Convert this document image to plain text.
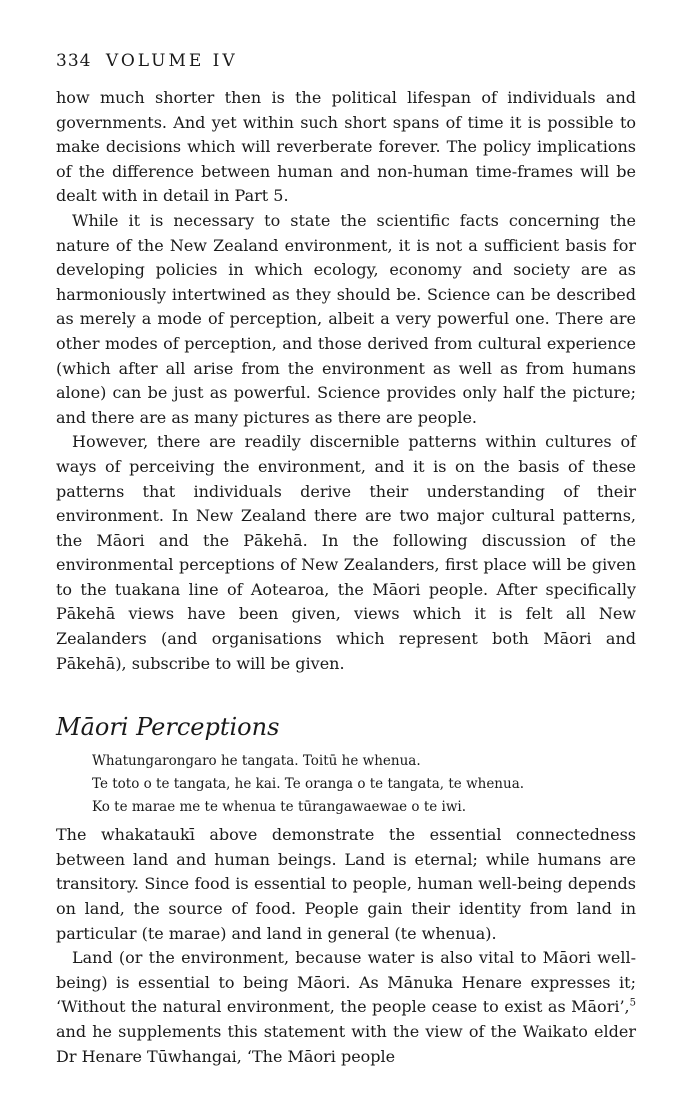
334 VOLUME IV

how much shorter then is the political lifespan of individuals and governments. And yet within such short spans of time it is possible to make decisions which will reverberate forever. The policy implications of the difference between human and non-human time-frames will be dealt with in detail in Part 5.

While it is necessary to state the scientific facts concerning the nature of the New Zealand environment, it is not a sufficient basis for developing policies in which ecology, economy and society are as harmoniously intertwined as they should be. Science can be described as merely a mode of perception, albeit a very powerful one. There are other modes of perception, and those derived from cultural experience (which after all arise from the environment as well as from humans alone) can be just as powerful. Science provides only half the picture; and there are as many pictures as there are people.

However, there are readily discernible patterns within cultures of ways of perceiving the environment, and it is on the basis of these patterns that individuals derive their understanding of their environment. In New Zealand there are two major cultural patterns, the Māori and the Pākehā. In the following discussion of the environmental perceptions of New Zealanders, first place will be given to the tuakana line of Aotearoa, the Māori people. After specifically Pākehā views have been given, views which it is felt all New Zealanders (and organisations which represent both Māori and Pākehā), subscribe to will be given.

Māori Perceptions

Whatungarongaro he tangata. Toitū he whenua.

Te toto o te tangata, he kai. Te oranga o te tangata, te whenua.

Ko te marae me te whenua te tūrangawaewae o te iwi.

The whakataukī above demonstrate the essential connectedness between land and human beings. Land is eternal; while humans are transitory. Since food is essential to people, human well-being depends on land, the source of food. People gain their identity from land in particular (te marae) and land in general (te whenua).

Land (or the environment, because water is also vital to Māori well-being) is essential to being Māori. As Mānuka Henare expresses it; ‘Without the natural environment, the people cease to exist as Māori’,$^5$ and he supplements this statement with the view of the Waikato elder Dr Henare Tūwhangai, ‘The Māori people
